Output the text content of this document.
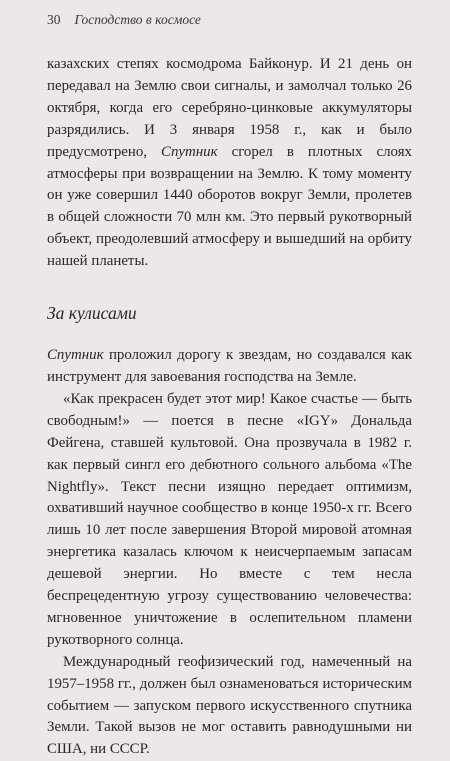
30 Господство в космосе

казахских степях космодрома Байконур. И 21 день он передавал на Землю свои сигналы, и замолчал только 26 октября, когда его серебряно-цинковые аккумуляторы разрядились. И 3 января 1958 г., как и было предусмотрено, Спутник сгорел в плотных слоях атмосферы при возвращении на Землю. К тому моменту он уже совершил 1440 оборотов вокруг Земли, пролетев в общей сложности 70 млн км. Это первый рукотворный объект, преодолевший атмосферу и вышедший на орбиту нашей планеты.

За кулисами

Спутник проложил дорогу к звездам, но создавался как инструмент для завоевания господства на Земле.

«Как прекрасен будет этот мир! Какое счастье — быть свободным!» — поется в песне «IGY» Дональда Фейгена, ставшей культовой. Она прозвучала в 1982 г. как первый сингл его дебютного сольного альбома «The Nightfly». Текст песни изящно передает оптимизм, охвативший научное сообщество в конце 1950-х гг. Всего лишь 10 лет после завершения Второй мировой атомная энергетика казалась ключом к неисчерпаемым запасам дешевой энергии. Но вместе с тем несла беспрецедентную угрозу существованию человечества: мгновенное уничтожение в ослепительном пламени рукотворного солнца.

Международный геофизический год, намеченный на 1957–1958 гг., должен был ознаменоваться историческим событием — запуском первого искусственного спутника Земли. Такой вызов не мог оставить равнодушными ни США, ни СССР.
